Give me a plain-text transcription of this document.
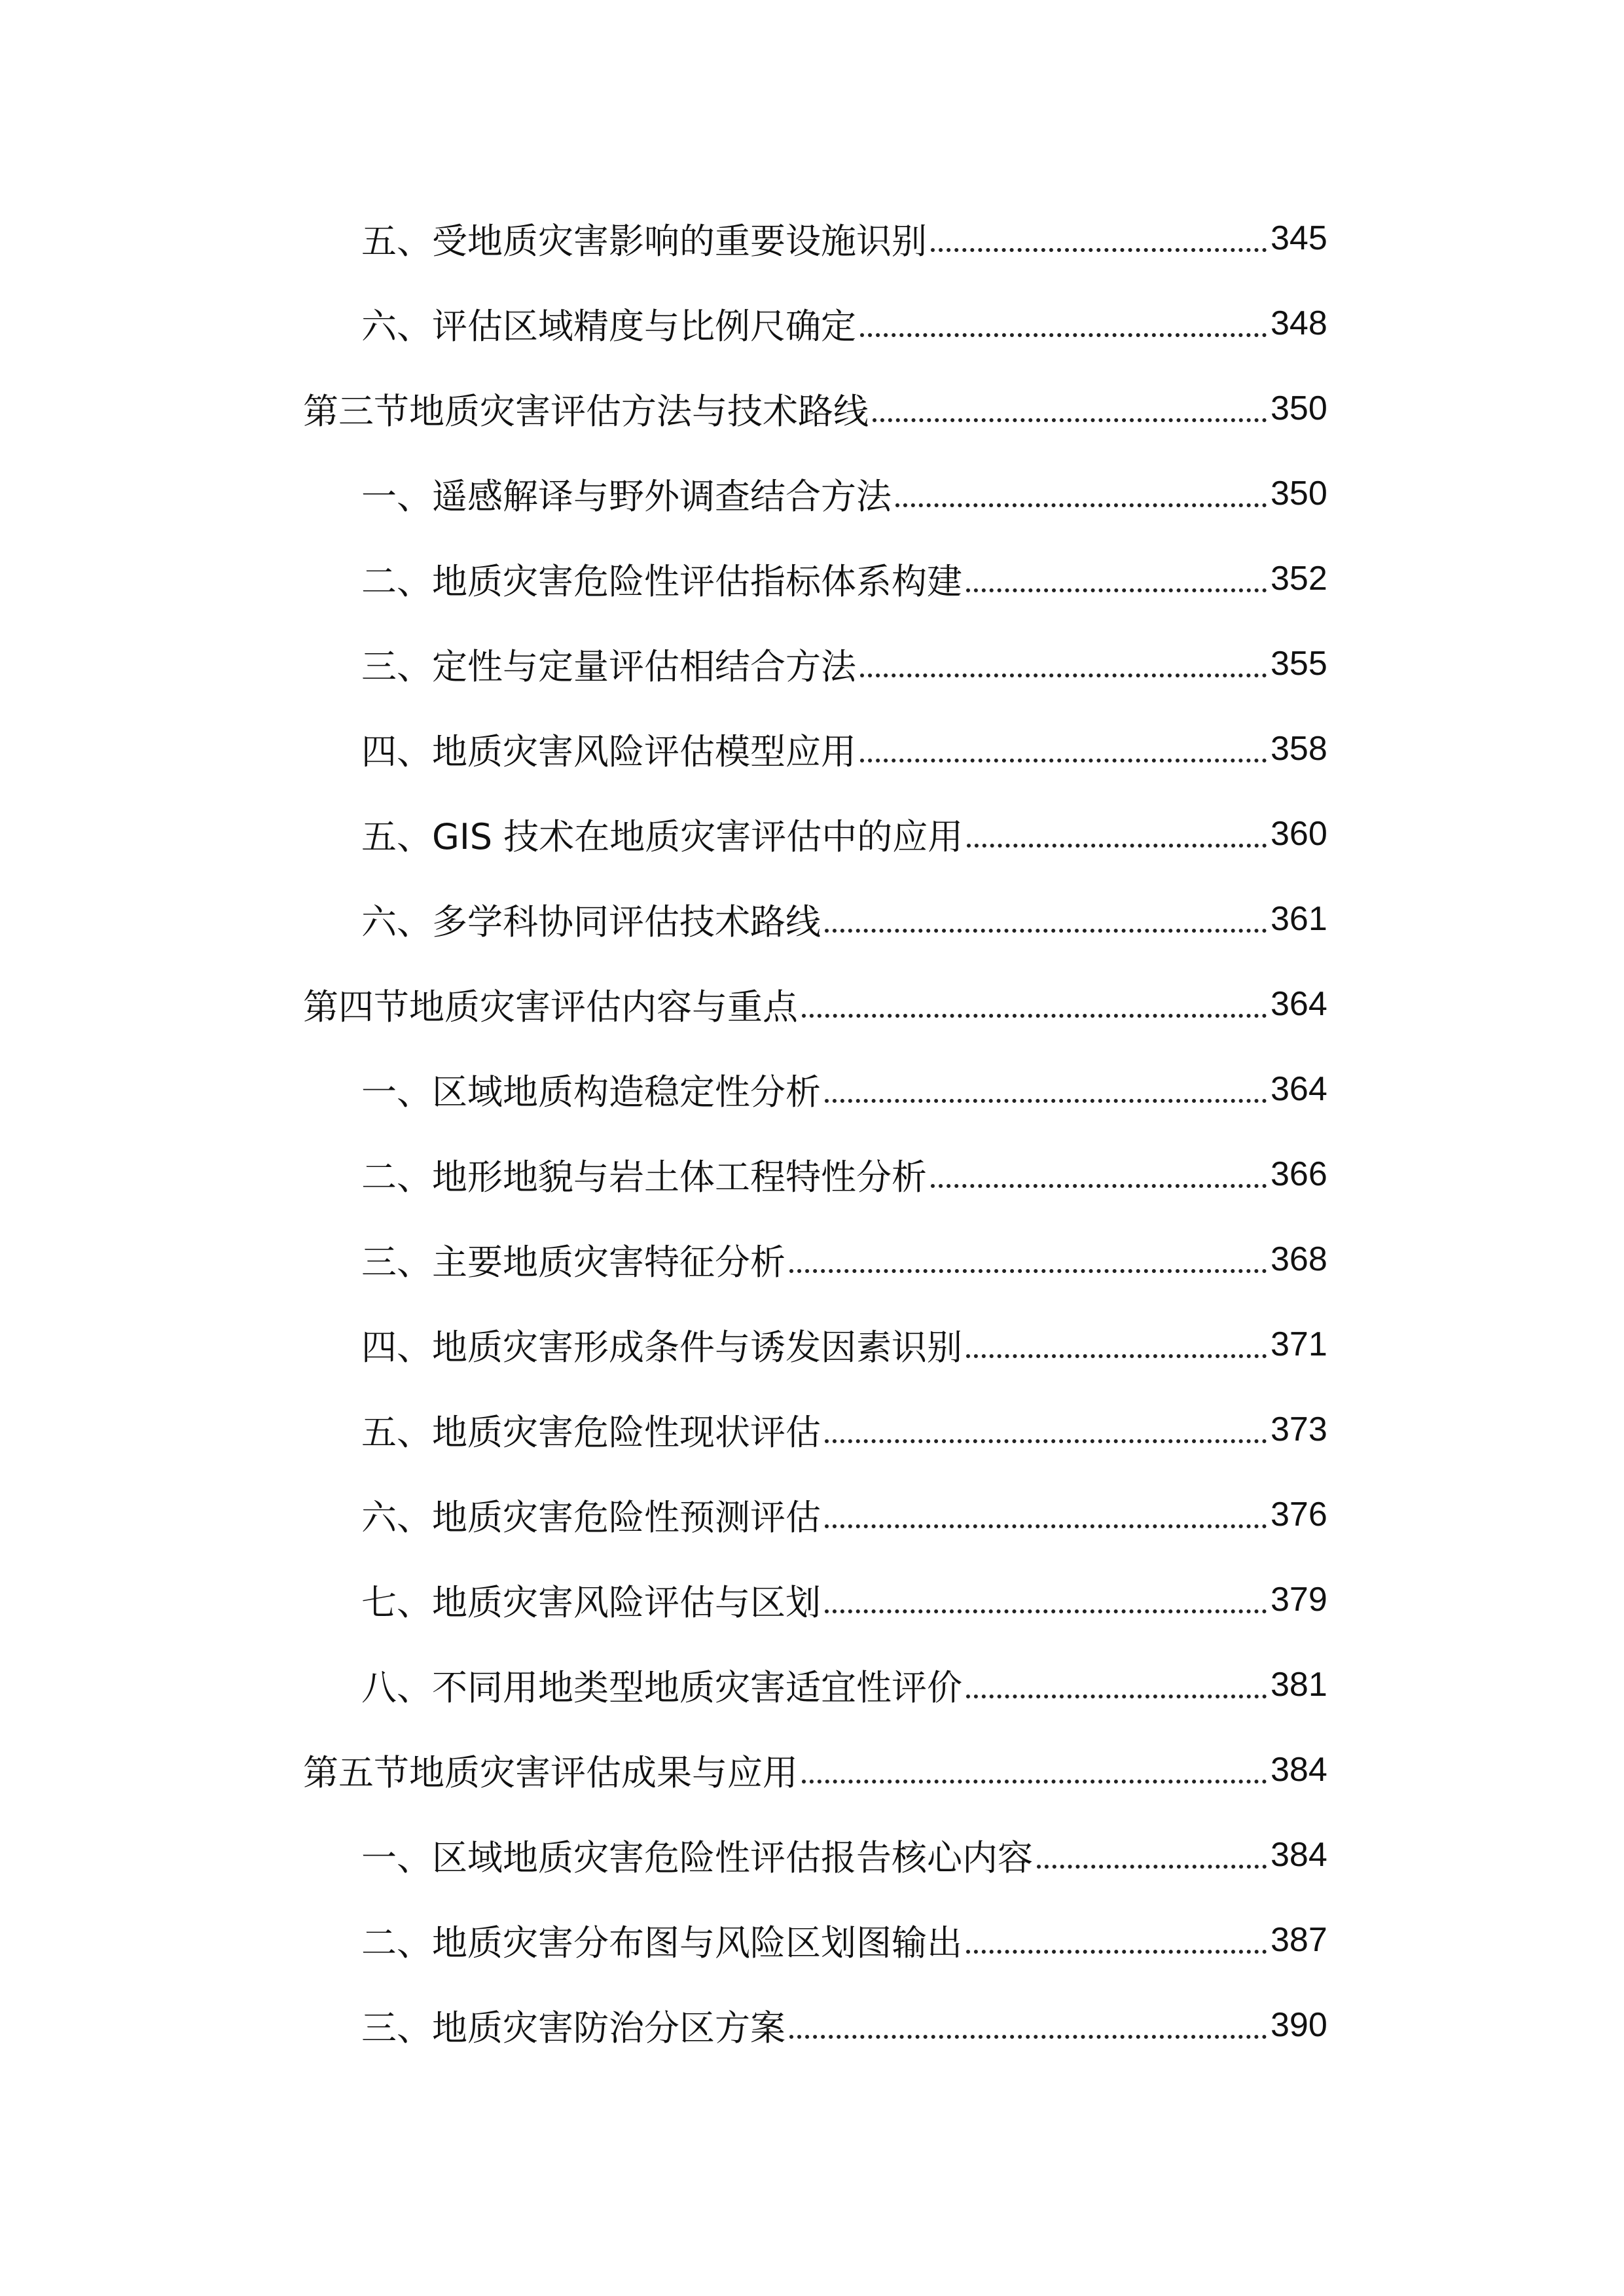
五、受地质灾害影响的重要设施识别	345
六、评估区域精度与比例尺确定	348
第三节地质灾害评估方法与技术路线	350
一、遥感解译与野外调查结合方法	350
二、地质灾害危险性评估指标体系构建	352
三、定性与定量评估相结合方法	355
四、地质灾害风险评估模型应用	358
五、GIS 技术在地质灾害评估中的应用	360
六、多学科协同评估技术路线	361
第四节地质灾害评估内容与重点	364
一、区域地质构造稳定性分析	364
二、地形地貌与岩土体工程特性分析	366
三、主要地质灾害特征分析	368
四、地质灾害形成条件与诱发因素识别	371
五、地质灾害危险性现状评估	373
六、地质灾害危险性预测评估	376
七、地质灾害风险评估与区划	379
八、不同用地类型地质灾害适宜性评价	381
第五节地质灾害评估成果与应用	384
一、区域地质灾害危险性评估报告核心内容	384
二、地质灾害分布图与风险区划图输出	387
三、地质灾害防治分区方案	390
